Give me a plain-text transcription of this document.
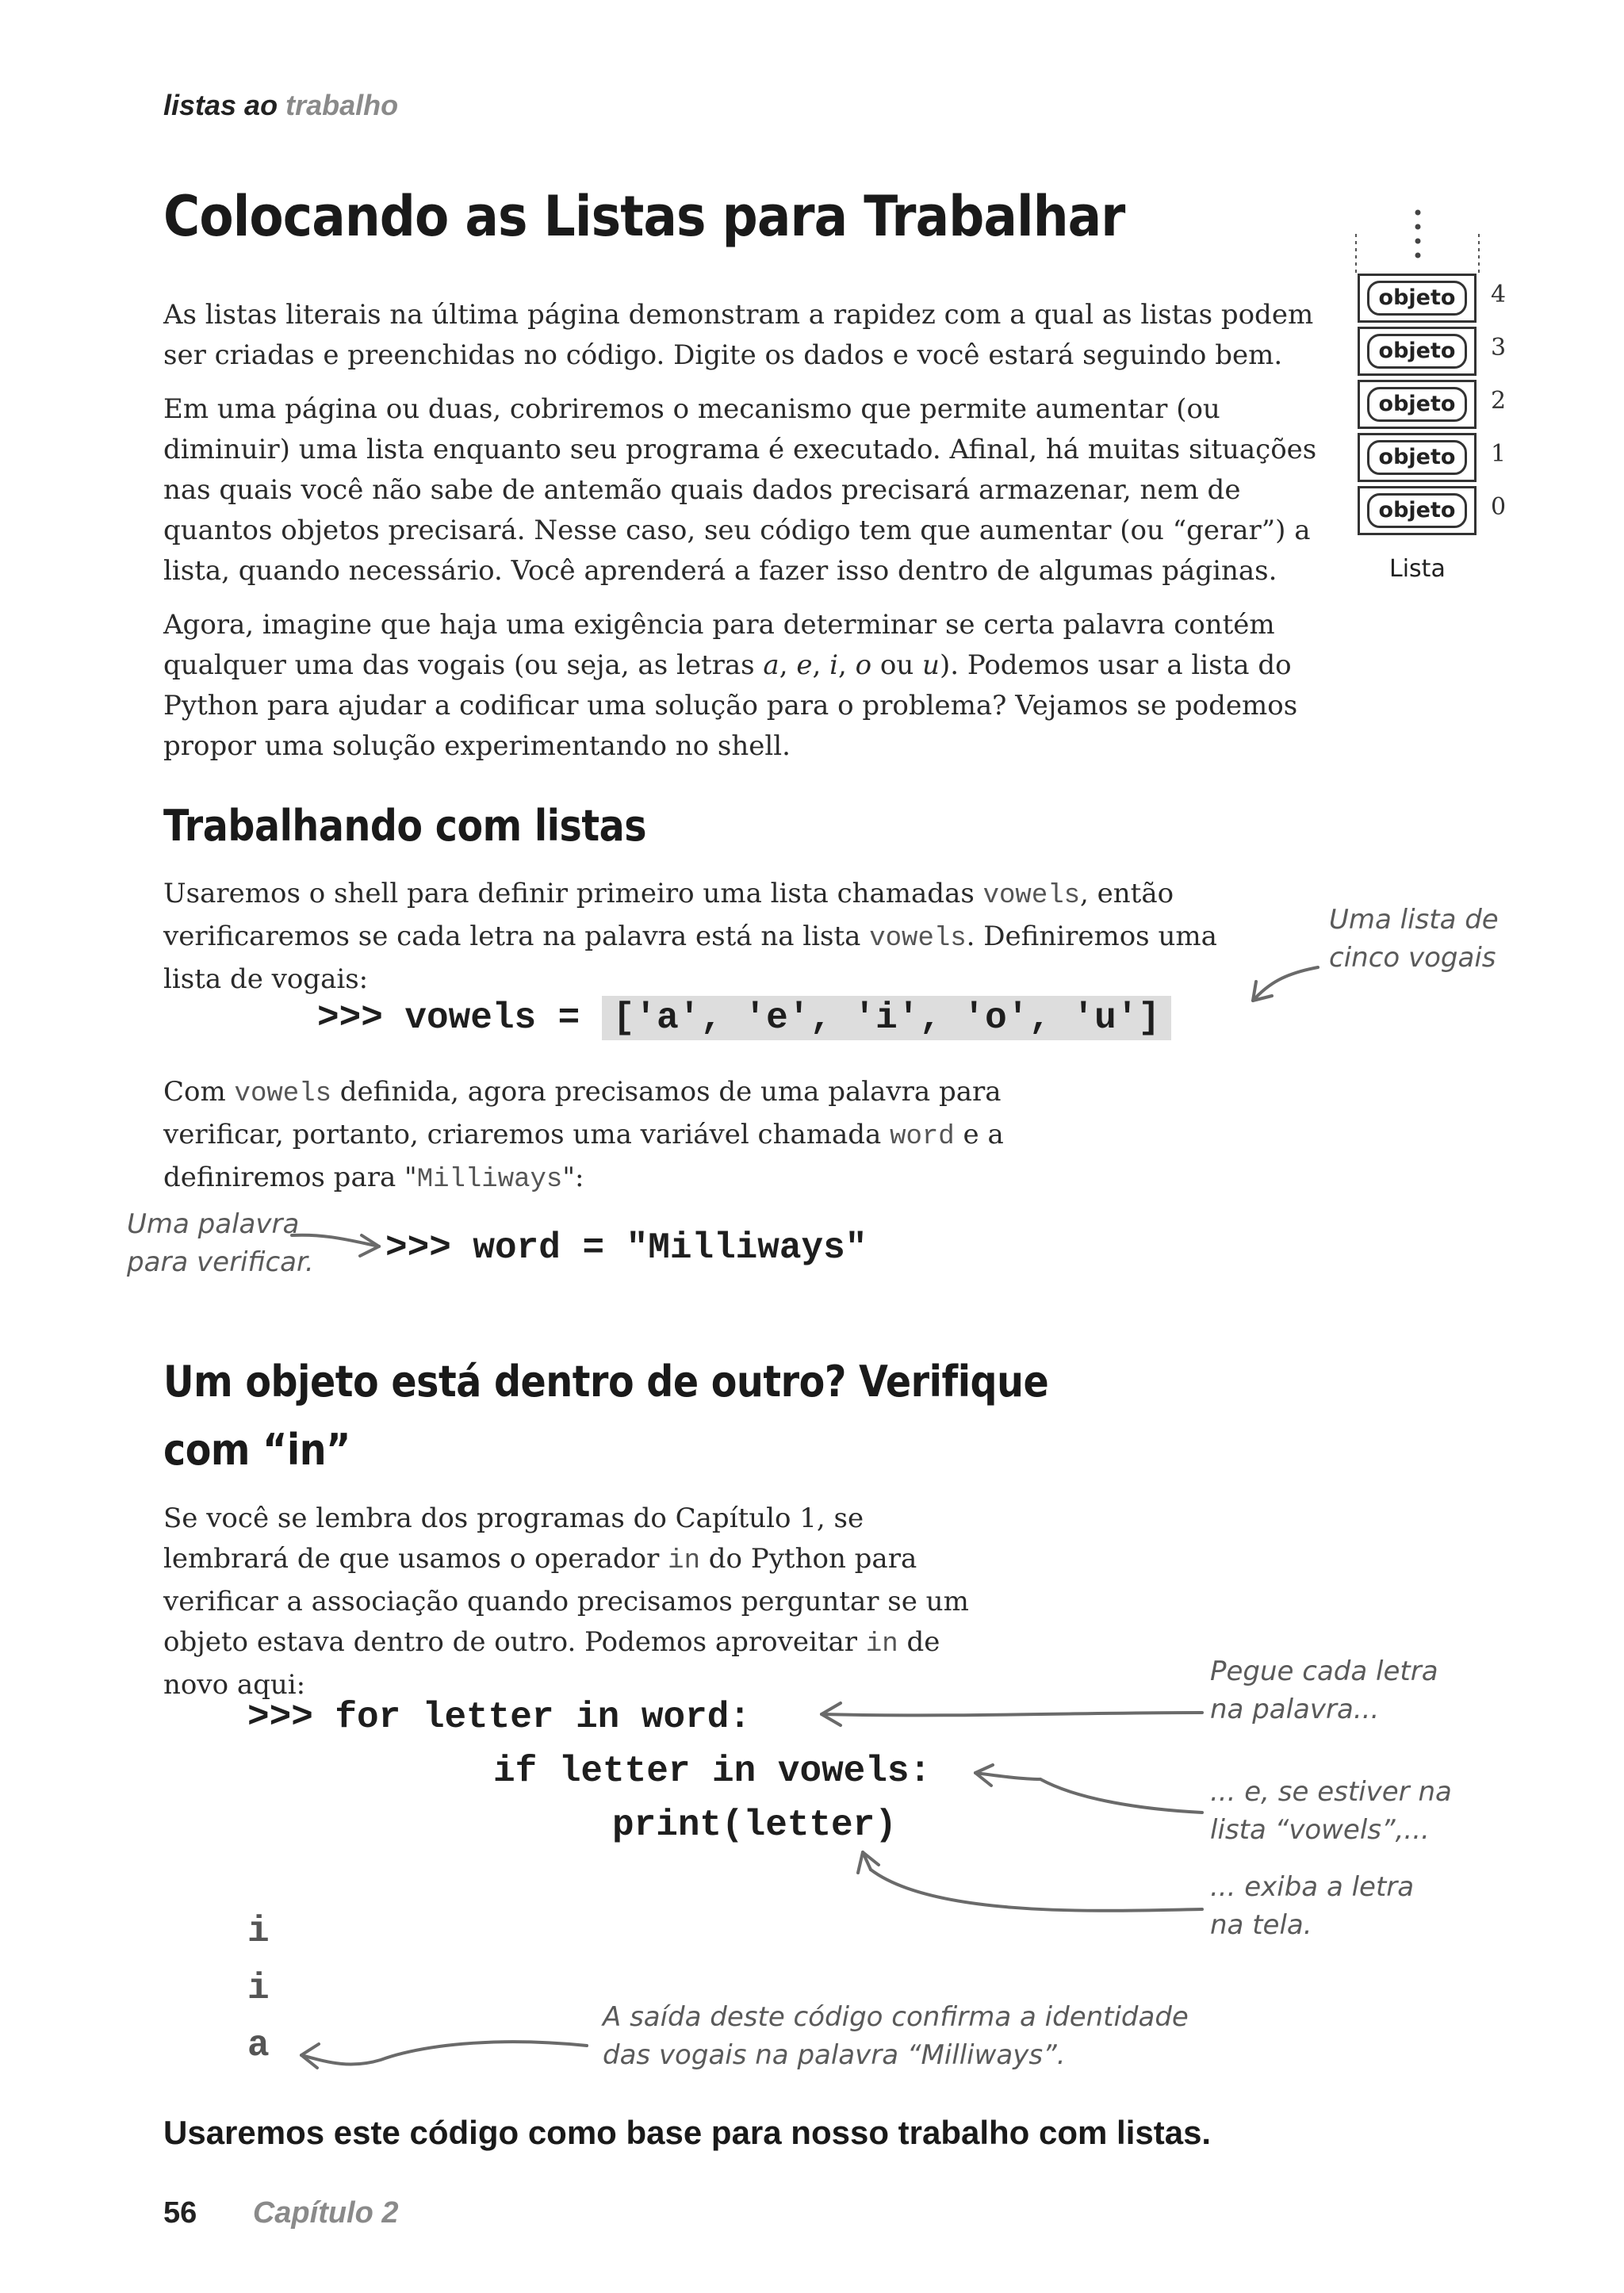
listas ao trabalho
Colocando as Listas para Trabalhar

As listas literais na última página demonstram a rapidez com a qual as listas podem ser criadas e preenchidas no código. Digite os dados e você estará seguindo bem.

Em uma página ou duas, cobriremos o mecanismo que permite aumentar (ou diminuir) uma lista enquanto seu programa é executado. Afinal, há muitas situações nas quais você não sabe de antemão quais dados precisará armazenar, nem de quantos objetos precisará. Nesse caso, seu código tem que aumentar (ou “gerar”) a lista, quando necessário. Você aprenderá a fazer isso dentro de algumas páginas.

Agora, imagine que haja uma exigência para determinar se certa palavra contém qualquer uma das vogais (ou seja, as letras a, e, i, o ou u). Podemos usar a lista do Python para ajudar a codificar uma solução para o problema? Vejamos se podemos propor uma solução experimentando no shell.

objeto	4
objeto	3
objeto	2
objeto	1
objeto	0
Lista
Trabalhando com listas
Usaremos o shell para definir primeiro uma lista chamadas vowels, então verificaremos se cada letra na palavra está na lista vowels. Definiremos uma lista de vogais:
>>> vowels = ['a', 'e', 'i', 'o', 'u']
Uma lista de
cinco vogais
Com vowels definida, agora precisamos de uma palavra para verificar, portanto, criaremos uma variável chamada word e a definiremos para "Milliways":
Uma palavra
para verificar. >>> word = "Milliways"
Um objeto está dentro de outro? Verifique
com “in”
Se você se lembra dos programas do Capítulo 1, se lembrará de que usamos o operador in do Python para verificar a associação quando precisamos perguntar se um objeto estava dentro de outro. Podemos aproveitar in de novo aqui:
>>> for letter in word:
if letter in vowels:
print(letter)
Pegue cada letra
na palavra...
... e, se estiver na
lista “vowels”,...
... exiba a letra
na tela.
i
i
a
A saída deste código confirma a identidade
das vogais na palavra “Milliways”.
Usaremos este código como base para nosso trabalho com listas.
56 Capítulo 2
